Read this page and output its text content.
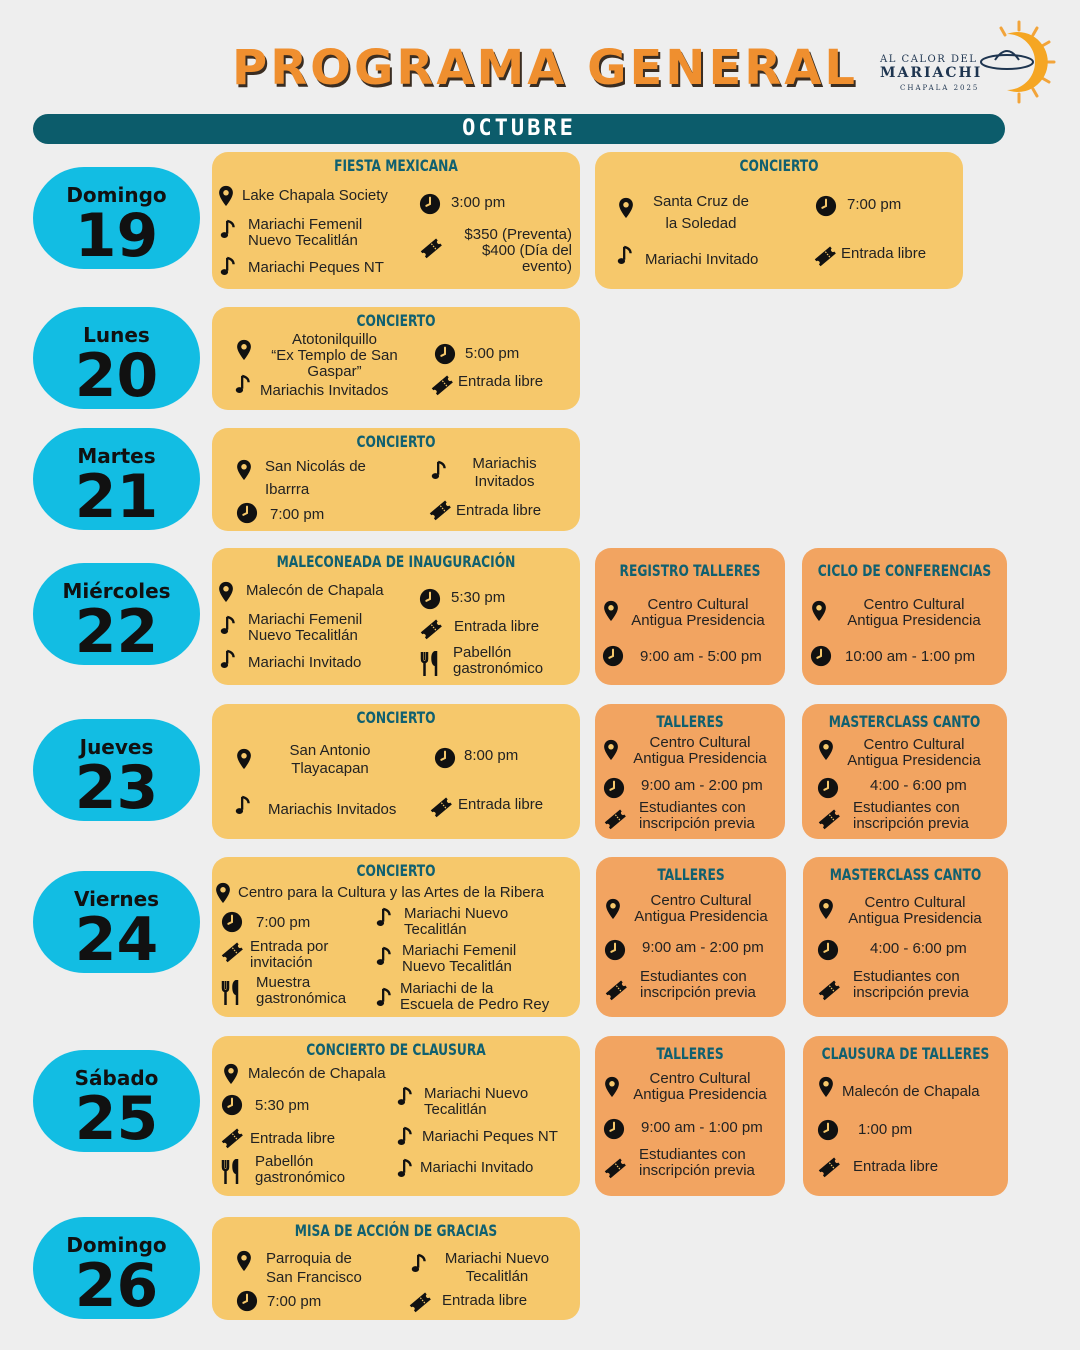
PROGRAMA GENERAL AL CALOR DEL
MARIACHI
CHAPALA 2025
OCTUBRE
Domingo
19
Lunes
20
Martes
21
Miércoles
22
Jueves
23
Viernes
24
Sábado
25
Domingo
26
FIESTA MEXICANA
Lake Chapala Society
Mariachi Femenil
Nuevo Tecalitlán
Mariachi Peques NT
3:00 pm
$350 (Preventa)
$400 (Día del
evento)
CONCIERTO
Santa Cruz de
la Soledad
7:00 pm
Mariachi Invitado	Entrada libre
CONCIERTO
Atotonilquillo
“Ex Templo de San
Gaspar”
Mariachis Invitados
5:00 pm
Entrada libre
CONCIERTO
San Nicolás de
Ibarrra
Mariachis
Invitados
7:00 pm	Entrada libre
MALECONEADA DE INAUGURACIÓN
Malecón de Chapala
Mariachi Femenil
Nuevo Tecalitlán
Mariachi Invitado
5:30 pm
Entrada libre
Pabellón
gastronómico
REGISTRO TALLERES
Centro Cultural
Antigua Presidencia
9:00 am - 5:00 pm
CICLO DE CONFERENCIAS
Centro Cultural
Antigua Presidencia
10:00 am - 1:00 pm
CONCIERTO
San Antonio
Tlayacapan
8:00 pm
Mariachis Invitados	Entrada libre
TALLERES
Centro Cultural
Antigua Presidencia
9:00 am - 2:00 pm
Estudiantes con
inscripción previa
MASTERCLASS CANTO
Centro Cultural
Antigua Presidencia
4:00 - 6:00 pm
Estudiantes con
inscripción previa
CONCIERTO
Centro para la Cultura y las Artes de la Ribera
7:00 pm
Entrada por
invitación
Muestra
gastronómica
Mariachi Nuevo
Tecalitlán
Mariachi Femenil
Nuevo Tecalitlán
Mariachi de la
Escuela de Pedro Rey
TALLERES
Centro Cultural
Antigua Presidencia
9:00 am - 2:00 pm
Estudiantes con
inscripción previa
MASTERCLASS CANTO
Centro Cultural
Antigua Presidencia
4:00 - 6:00 pm
Estudiantes con
inscripción previa
CONCIERTO DE CLAUSURA
Malecón de Chapala
5:30 pm
Entrada libre
Pabellón
gastronómico
Mariachi Nuevo
Tecalitlán
Mariachi Peques NT
Mariachi Invitado
TALLERES
Centro Cultural
Antigua Presidencia
9:00 am - 1:00 pm
Estudiantes con
inscripción previa
CLAUSURA DE TALLERES
Malecón de Chapala
1:00 pm
Entrada libre
MISA DE ACCIÓN DE GRACIAS
Parroquia de
San Francisco
Mariachi Nuevo
Tecalitlán
7:00 pm	Entrada libre
